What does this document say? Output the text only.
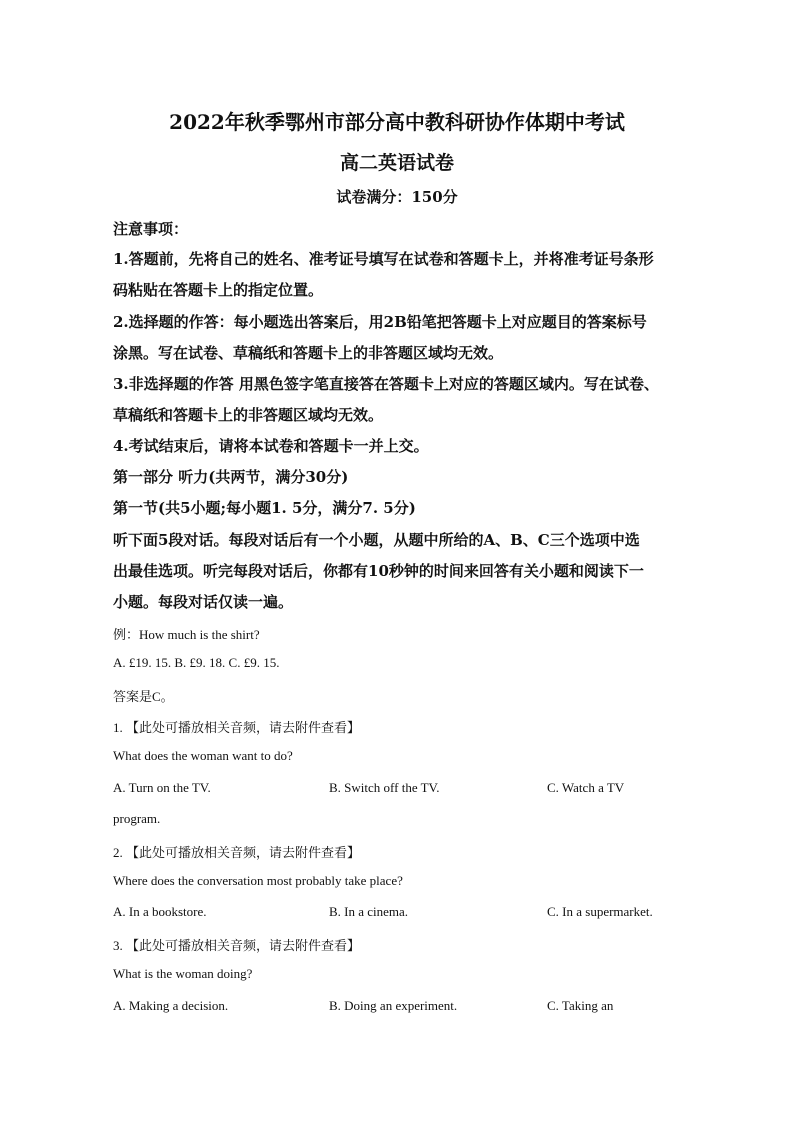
2022年秋季鄂州市部分高中教科研协作体期中考试
高二英语试卷
试卷满分：150分
注意事项：
1.答题前，先将自己的姓名、准考证号填写在试卷和答题卡上，并将准考证号条形
码粘贴在答题卡上的指定位置。
2.选择题的作答：每小题选出答案后，用2B铅笔把答题卡上对应题目的答案标号
涂黑。写在试卷、草稿纸和答题卡上的非答题区域均无效。
3.非选择题的作答 用黑色签字笔直接答在答题卡上对应的答题区域内。写在试卷、
草稿纸和答题卡上的非答题区域均无效。
4.考试结束后，请将本试卷和答题卡一并上交。
第一部分 听力(共两节，满分30分)
第一节(共5小题;每小题1. 5分，满分7. 5分)
听下面5段对话。每段对话后有一个小题，从题中所给的A、B、C三个选项中选
出最佳选项。听完每段对话后，你都有10秒钟的时间来回答有关小题和阅读下一
小题。每段对话仅读一遍。
例：How much is the shirt?
A. £19. 15. B. £9. 18. C. £9. 15.
答案是C。
1. 【此处可播放相关音频，请去附件查看】
What does the woman want to do?
A. Turn on the TV.	B. Switch off the TV.	C. Watch a TV
program.
2. 【此处可播放相关音频，请去附件查看】
Where does the conversation most probably take place?
A. In a bookstore.	B. In a cinema.	C. In a supermarket.
3. 【此处可播放相关音频，请去附件查看】
What is the woman doing?
A. Making a decision.	B. Doing an experiment.	C. Taking an
